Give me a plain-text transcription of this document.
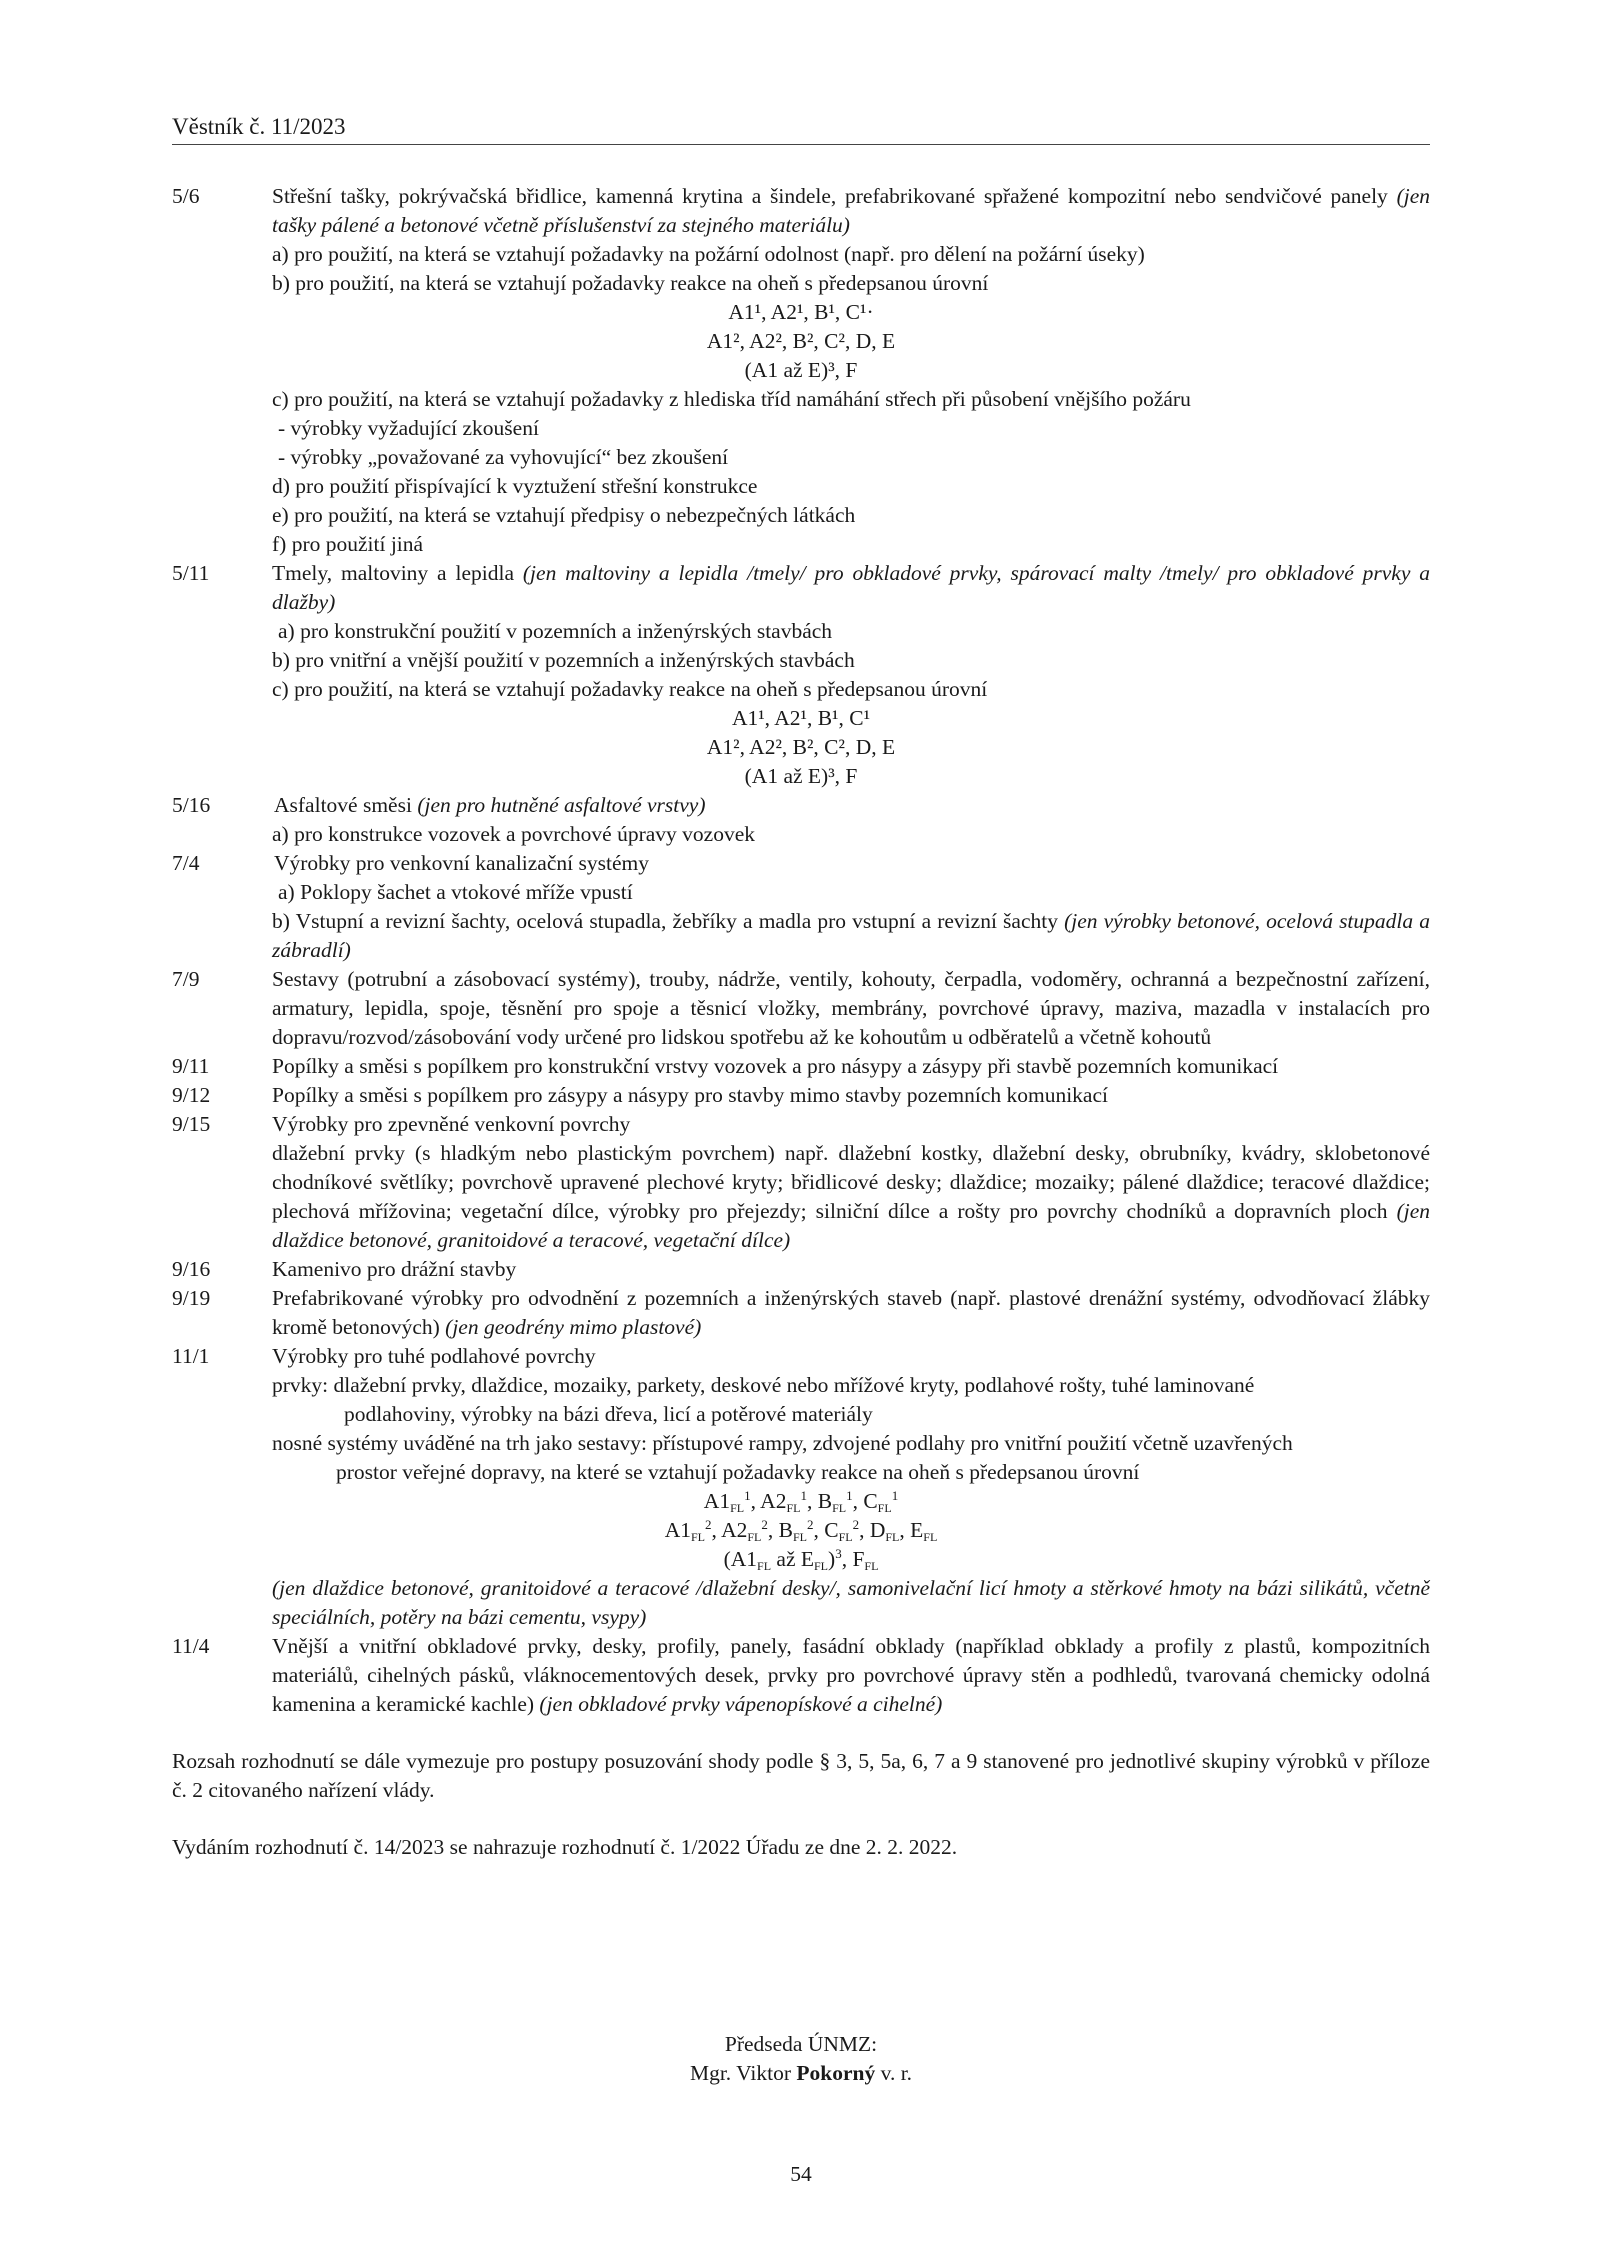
Věstník č. 11/2023
5/6	Střešní tašky, pokrývačská břidlice, kamenná krytina a šindele, prefabrikované spřažené kompozitní nebo sendvičové panely (jen tašky pálené a betonové včetně příslušenství za stejného materiálu)
a) pro použití, na která se vztahují požadavky na požární odolnost (např. pro dělení na požární úseky)
b) pro použití, na která se vztahují požadavky reakce na oheň s předepsanou úrovní
A1¹, A2¹, B¹, C¹·
A1², A2², B², C², D, E
(A1 až E)³, F
c) pro použití, na která se vztahují požadavky z hlediska tříd namáhání střech při působení vnějšího požáru
- výrobky vyžadující zkoušení
- výrobky „považované za vyhovující“ bez zkoušení
d) pro použití přispívající k vyztužení střešní konstrukce
e) pro použití, na která se vztahují předpisy o nebezpečných látkách
f) pro použití jiná
5/11	Tmely, maltoviny a lepidla (jen maltoviny a lepidla /tmely/ pro obkladové prvky, spárovací malty /tmely/ pro obkladové prvky a dlažby)
a) pro konstrukční použití v pozemních a inženýrských stavbách
b) pro vnitřní a vnější použití v pozemních a inženýrských stavbách
c) pro použití, na která se vztahují požadavky reakce na oheň s předepsanou úrovní
A1¹, A2¹, B¹, C¹
A1², A2², B², C², D, E
(A1 až E)³, F
5/16	Asfaltové směsi (jen pro hutněné asfaltové vrstvy)
a) pro konstrukce vozovek a povrchové úpravy vozovek
7/4	Výrobky pro venkovní kanalizační systémy
a) Poklopy šachet a vtokové mříže vpustí
b) Vstupní a revizní šachty, ocelová stupadla, žebříky a madla pro vstupní a revizní šachty (jen výrobky betonové, ocelová stupadla a zábradlí)
7/9	Sestavy (potrubní a zásobovací systémy), trouby, nádrže, ventily, kohouty, čerpadla, vodoměry, ochranná a bezpečnostní zařízení, armatury, lepidla, spoje, těsnění pro spoje a těsnicí vložky, membrány, povrchové úpravy, maziva, mazadla v instalacích pro dopravu/rozvod/zásobování vody určené pro lidskou spotřebu až ke kohoutům u odběratelů a včetně kohoutů
9/11	Popílky a směsi s popílkem pro konstrukční vrstvy vozovek a pro násypy a zásypy při stavbě pozemních komunikací
9/12	Popílky a směsi s popílkem pro zásypy a násypy pro stavby mimo stavby pozemních komunikací
9/15	Výrobky pro zpevněné venkovní povrchy
dlažební prvky (s hladkým nebo plastickým povrchem) např. dlažební kostky, dlažební desky, obrubníky, kvádry, sklobetonové chodníkové světlíky; povrchově upravené plechové kryty; břidlicové desky; dlaždice; mozaiky; pálené dlaždice; teracové dlaždice; plechová mřížovina; vegetační dílce, výrobky pro přejezdy; silniční dílce a rošty pro povrchy chodníků a dopravních ploch (jen dlaždice betonové, granitoidové a teracové, vegetační dílce)
9/16	Kamenivo pro drážní stavby
9/19	Prefabrikované výrobky pro odvodnění z pozemních a inženýrských staveb (např. plastové drenážní systémy, odvodňovací žlábky kromě betonových) (jen geodrény mimo plastové)
11/1	Výrobky pro tuhé podlahové povrchy
prvky: dlažební prvky, dlaždice, mozaiky, parkety, deskové nebo mřížové kryty, podlahové rošty, tuhé laminované
podlahoviny, výrobky na bázi dřeva, licí a potěrové materiály
nosné systémy uváděné na trh jako sestavy: přístupové rampy, zdvojené podlahy pro vnitřní použití včetně uzavřených
prostor veřejné dopravy, na které se vztahují požadavky reakce na oheň s předepsanou úrovní
$A1_{FL}^1$, $A2_{FL}^1$, $B_{FL}^1$, $C_{FL}^1$
$A1_{FL}^2$, $A2_{FL}^2$, $B_{FL}^2$, $C_{FL}^2$, $D_{FL}$, $E_{FL}$
($A1_{FL}$ až $E_{FL})^3$, $F_{FL}$
(jen dlaždice betonové, granitoidové a teracové /dlažební desky/, samonivelační licí hmoty a stěrkové hmoty na bázi silikátů, včetně speciálních, potěry na bázi cementu, vsypy)
11/4	Vnější a vnitřní obkladové prvky, desky, profily, panely, fasádní obklady (například obklady a profily z plastů, kompozitních materiálů, cihelných pásků, vláknocementových desek, prvky pro povrchové úpravy stěn a podhledů, tvarovaná chemicky odolná kamenina a keramické kachle) (jen obkladové prvky vápenopískové a cihelné)
Rozsah rozhodnutí se dále vymezuje pro postupy posuzování shody podle § 3, 5, 5a, 6, 7 a 9 stanovené pro jednotlivé skupiny výrobků v příloze č. 2 citovaného nařízení vlády.
Vydáním rozhodnutí č. 14/2023 se nahrazuje rozhodnutí č. 1/2022 Úřadu ze dne 2. 2. 2022.
Předseda ÚNMZ:
Mgr. Viktor Pokorný v. r.
54
